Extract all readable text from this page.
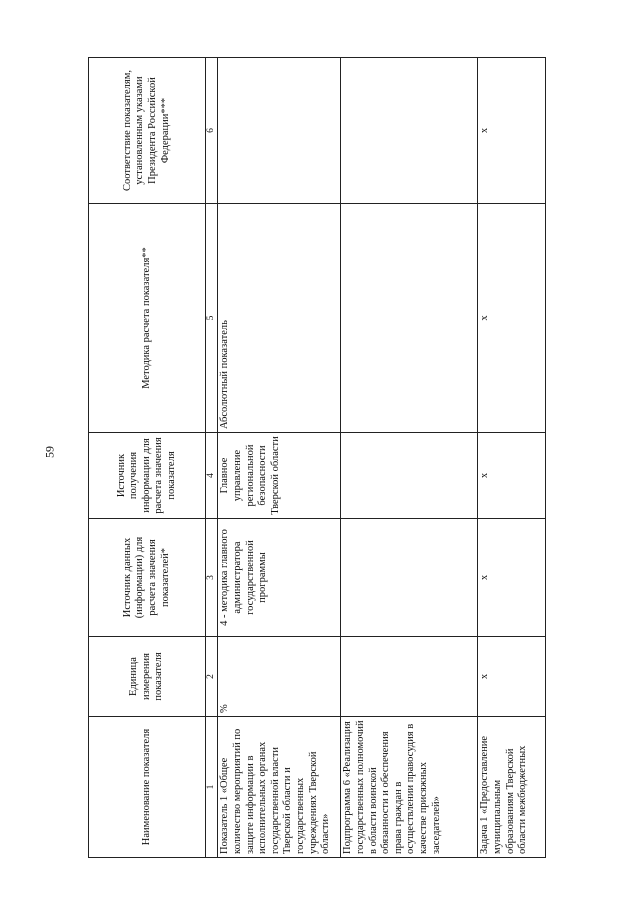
59
Наименование показателя	Единица измерения показателя	Источник данных (информации) для расчета значения показателей*	Источник получения информации для расчета значения показателя	Методика расчета показателя**	Соответствие показателям, установленным указами Президента Российской Федерации***
1	2	3	4	5	6
Показатель 1 «Общее количество мероприятий по защите информации в исполнительных органах государственной власти Тверской области и государственных учреждениях Тверской области»	%	4 - методика главного администратора государственной программы	Главное управление региональной безопасности Тверской области	Абсолютный показатель	
Подпрограмма 6 «Реализация государственных полномочий в области воинской обязанности и обеспечения права граждан в осуществлении правосудия в качестве присяжных заседателей»					
Задача 1 «Предоставление муниципальным образованиям Тверской области межбюджетных	x	x	x	x	x
